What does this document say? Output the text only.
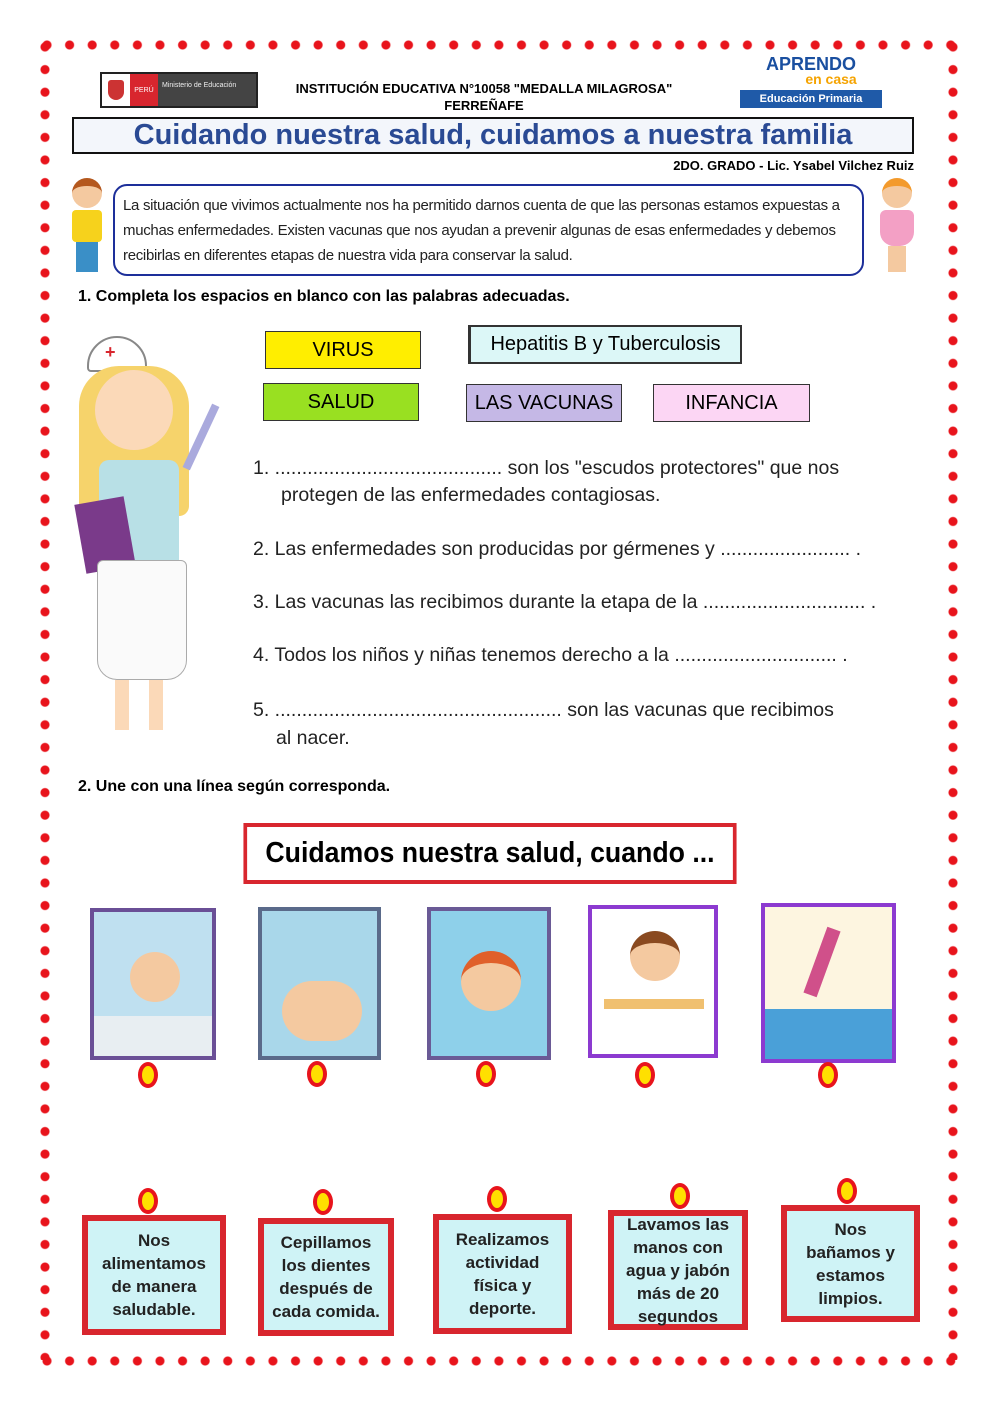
PERÚ
Ministerio de Educación	INSTITUCIÓN EDUCATIVA N°10058 "MEDALLA MILAGROSA"
FERREÑAFE
APRENDO
en casa
Educación Primaria
Cuidando nuestra salud, cuidamos a nuestra familia
2DO. GRADO - Lic. Ysabel Vilchez Ruiz
La situación que vivimos actualmente nos ha permitido darnos cuenta de que las personas estamos expuestas a muchas enfermedades. Existen vacunas que nos ayudan a prevenir algunas de esas enfermedades y debemos recibirlas en diferentes etapas de nuestra vida para conservar la salud.
1. Completa los espacios en blanco con las palabras adecuadas.
VIRUS	Hepatitis B y Tuberculosis
SALUD	LAS VACUNAS	INFANCIA
+
1. .......................................... son los "escudos protectores" que nos
protegen de las enfermedades contagiosas.
2. Las enfermedades son producidas por gérmenes y ........................ .
3. Las vacunas las recibimos durante la etapa de la .............................. .
4. Todos los niños y niñas tenemos derecho a la .............................. .
5. ..................................................... son las vacunas que recibimos
al nacer.
2. Une con una línea según corresponda.
Cuidamos nuestra salud, cuando ...
Nos alimentamos de manera saludable.
Cepillamos los dientes después de cada comida.
Realizamos actividad física y deporte.
Lavamos las manos con agua y jabón más de 20 segundos
Nos bañamos y estamos limpios.
